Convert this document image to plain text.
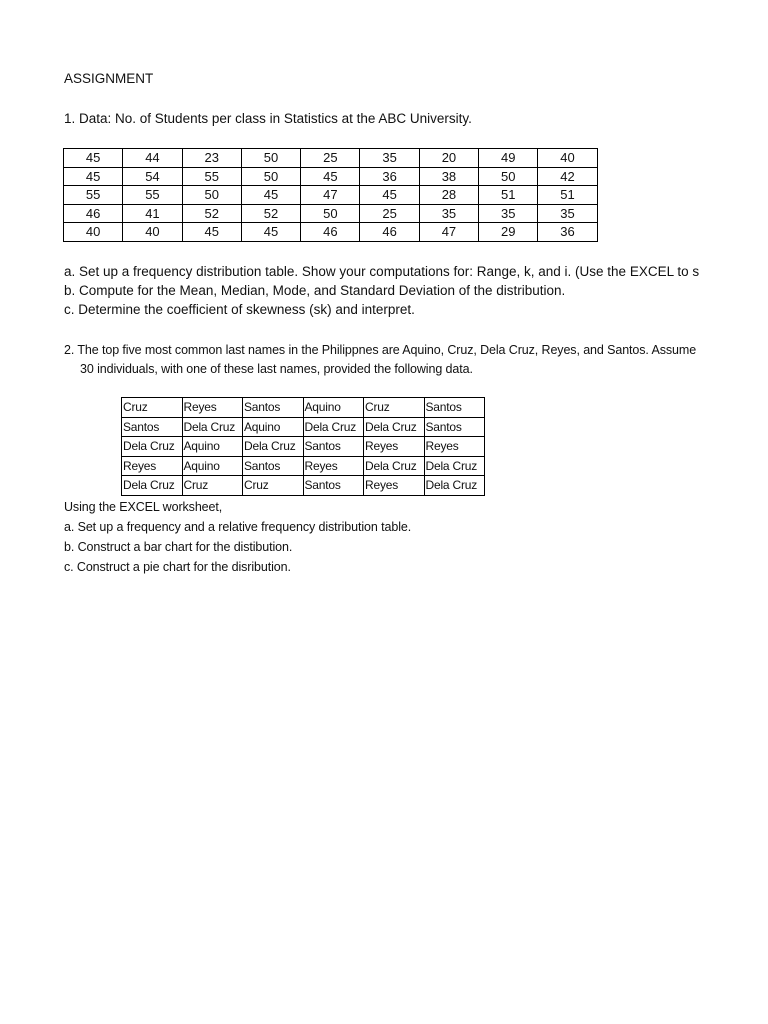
ASSIGNMENT
1. Data: No. of Students per class in Statistics at the ABC University.
45	44	23	50	25	35	20	49	40
45	54	55	50	45	36	38	50	42
55	55	50	45	47	45	28	51	51
46	41	52	52	50	25	35	35	35
40	40	45	45	46	46	47	29	36
a. Set up a frequency distribution table. Show your computations for: Range, k, and i. (Use the EXCEL to s
b. Compute for the Mean, Median, Mode, and Standard Deviation of the distribution.
c. Determine the coefficient of skewness (sk) and interpret.
2. The top five most common last names in the Philippnes are Aquino, Cruz, Dela Cruz, Reyes, and Santos. Assume
30 individuals, with one of these last names, provided the following data.
Cruz	Reyes	Santos	Aquino	Cruz	Santos
Santos	Dela Cruz	Aquino	Dela Cruz	Dela Cruz	Santos
Dela Cruz	Aquino	Dela Cruz	Santos	Reyes	Reyes
Reyes	Aquino	Santos	Reyes	Dela Cruz	Dela Cruz
Dela Cruz	Cruz	Cruz	Santos	Reyes	Dela Cruz
Using the EXCEL worksheet,
a. Set up a frequency and a relative frequency distribution table.
b. Construct a bar chart for the distibution.
c. Construct a pie chart for the disribution.
